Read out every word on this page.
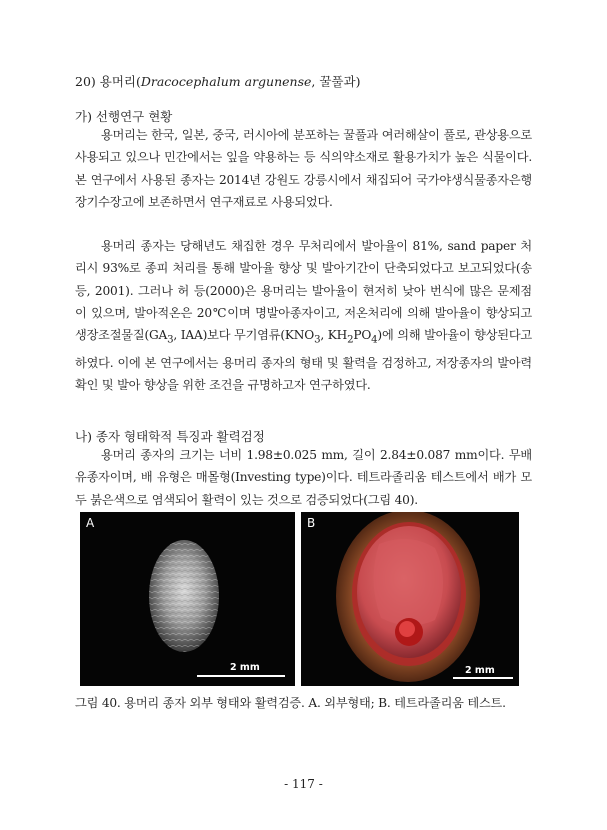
20) 용머리(Dracocephalum argunense, 꿀풀과)
가) 선행연구 현황

용머리는 한국, 일본, 중국, 러시아에 분포하는 꿀풀과 여러해살이 풀로, 관상용으로 사용되고 있으나 민간에서는 잎을 약용하는 등 식의약소재로 활용가치가 높은 식물이다. 본 연구에서 사용된 종자는 2014년 강원도 강릉시에서 채집되어 국가야생식물종자은행 장기수장고에 보존하면서 연구재료로 사용되었다.

용머리 종자는 당해년도 채집한 경우 무처리에서 발아율이 81%, sand paper 처리시 93%로 종피 처리를 통해 발아율 향상 및 발아기간이 단축되었다고 보고되었다(송 등, 2001). 그러나 허 등(2000)은 용머리는 발아율이 현저히 낮아 번식에 많은 문제점이 있으며, 발아적온은 20℃이며 명발아종자이고, 저온처리에 의해 발아율이 향상되고 생장조절물질($GA_3$, IAA)보다 무기염류($KNO_3$, $KH_2PO_4$)에 의해 발아율이 향상된다고 하였다. 이에 본 연구에서는 용머리 종자의 형태 및 활력을 검정하고, 저장종자의 발아력 확인 및 발아 향상을 위한 조건을 규명하고자 연구하였다.

나) 종자 형태학적 특징과 활력검정

용머리 종자의 크기는 너비 1.98±0.025 mm, 길이 2.84±0.087 mm이다. 무배유종자이며, 배 유형은 매몰형(Investing type)이다. 테트라졸리움 테스트에서 배가 모두 붉은색으로 염색되어 활력이 있는 것으로 검증되었다(그림 40).

A
2 mm
B
2 mm
그림 40. 용머리 종자 외부 형태와 활력검증. A. 외부형태; B. 테트라졸리움 테스트.
- 117 -
